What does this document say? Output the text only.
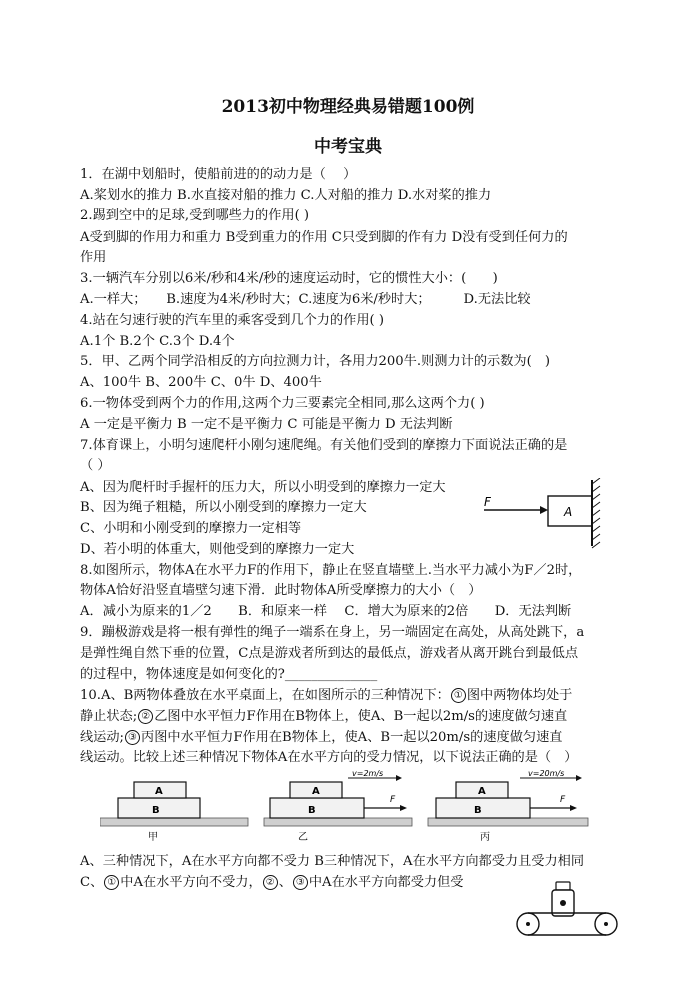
2013初中物理经典易错题100例
中考宝典
1．在湖中划船时，使船前进的的动力是（　 ）
A.桨划水的推力 B.水直接对船的推力 C.人对船的推力 D.水对桨的推力
2.踢到空中的足球,受到哪些力的作用( )
A受到脚的作用力和重力 B受到重力的作用 C只受到脚的作有力 D没有受到任何力的
作用
3.一辆汽车分别以6米/秒和4米/秒的速度运动时，它的惯性大小：(　　)
A.一样大；　　B.速度为4米/秒时大；C.速度为6米/秒时大；　　　D.无法比较
4.站在匀速行驶的汽车里的乘客受到几个力的作用( )
A.1个 B.2个 C.3个 D.4个
5．甲、乙两个同学沿相反的方向拉测力计，各用力200牛.则测力计的示数为(　)
A、100牛 B、200牛 C、0牛 D、400牛
6.一物体受到两个力的作用,这两个力三要素完全相同,那么这两个力( )
A 一定是平衡力 B 一定不是平衡力 C 可能是平衡力 D 无法判断
7.体育课上，小明匀速爬杆小刚匀速爬绳。有关他们受到的摩擦力下面说法正确的是
（ ）
A、因为爬杆时手握杆的压力大，所以小明受到的摩擦力一定大
B、因为绳子粗糙，所以小刚受到的摩擦力一定大
C、小明和小刚受到的摩擦力一定相等
D、若小明的体重大，则他受到的摩擦力一定大
8.如图所示，物体A在水平力F的作用下，静止在竖直墙壁上.当水平力减小为F／2时，
物体A恰好沿竖直墙壁匀速下滑．此时物体A所受摩擦力的大小（　）
A．减小为原来的1／2　　B．和原来一样　 C．增大为原来的2倍　　D．无法判断
9．蹦极游戏是将一根有弹性的绳子一端系在身上，另一端固定在高处，从高处跳下，a
是弹性绳自然下垂的位置，C点是游戏者所到达的最低点，游戏者从离开跳台到最低点
的过程中，物体速度是如何变化的?______________
10.A、B两物体叠放在水平桌面上，在如图所示的三种情况下： ① 图中两物体均处于
静止状态; ② 乙图中水平恒力F作用在B物体上，使A、B一起以2m/s的速度做匀速直
线运动; ③ 丙图中水平恒力F作用在B物体上，使A、B一起以20m/s的速度做匀速直
线运动。比较上述三种情况下物体A在水平方向的受力情况，以下说法正确的是（　）
A、三种情况下，A在水平方向都不受力 B三种情况下，A在水平方向都受力且受力相同
C、 ① 中A在水平方向不受力， ② 、 ③ 中A在水平方向都受力但受
F
A
A
B
甲
A
B
v=2m/s
F
乙
A
B
v=20m/s
F
丙
